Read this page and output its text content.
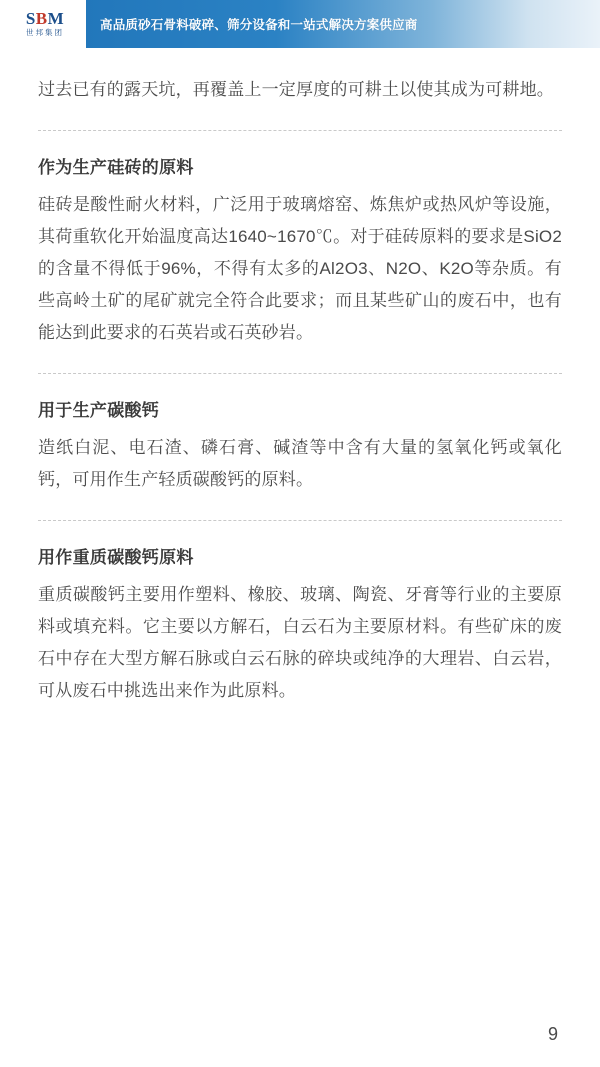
SBM
世邦集团
高品质砂石骨料破碎、筛分设备和一站式解决方案供应商

过去已有的露天坑，再覆盖上一定厚度的可耕土以使其成为可耕地。

作为生产硅砖的原料

硅砖是酸性耐火材料，广泛用于玻璃熔窑、炼焦炉或热风炉等设施，其荷重软化开始温度高达1640~1670℃。对于硅砖原料的要求是SiO2的含量不得低于96%，不得有太多的Al2O3、N2O、K2O等杂质。有些高岭土矿的尾矿就完全符合此要求；而且某些矿山的废石中，也有能达到此要求的石英岩或石英砂岩。

用于生产碳酸钙

造纸白泥、电石渣、磷石膏、碱渣等中含有大量的氢氧化钙或氧化钙，可用作生产轻质碳酸钙的原料。

用作重质碳酸钙原料

重质碳酸钙主要用作塑料、橡胶、玻璃、陶瓷、牙膏等行业的主要原料或填充料。它主要以方解石，白云石为主要原材料。有些矿床的废石中存在大型方解石脉或白云石脉的碎块或纯净的大理岩、白云岩，可从废石中挑选出来作为此原料。

9
